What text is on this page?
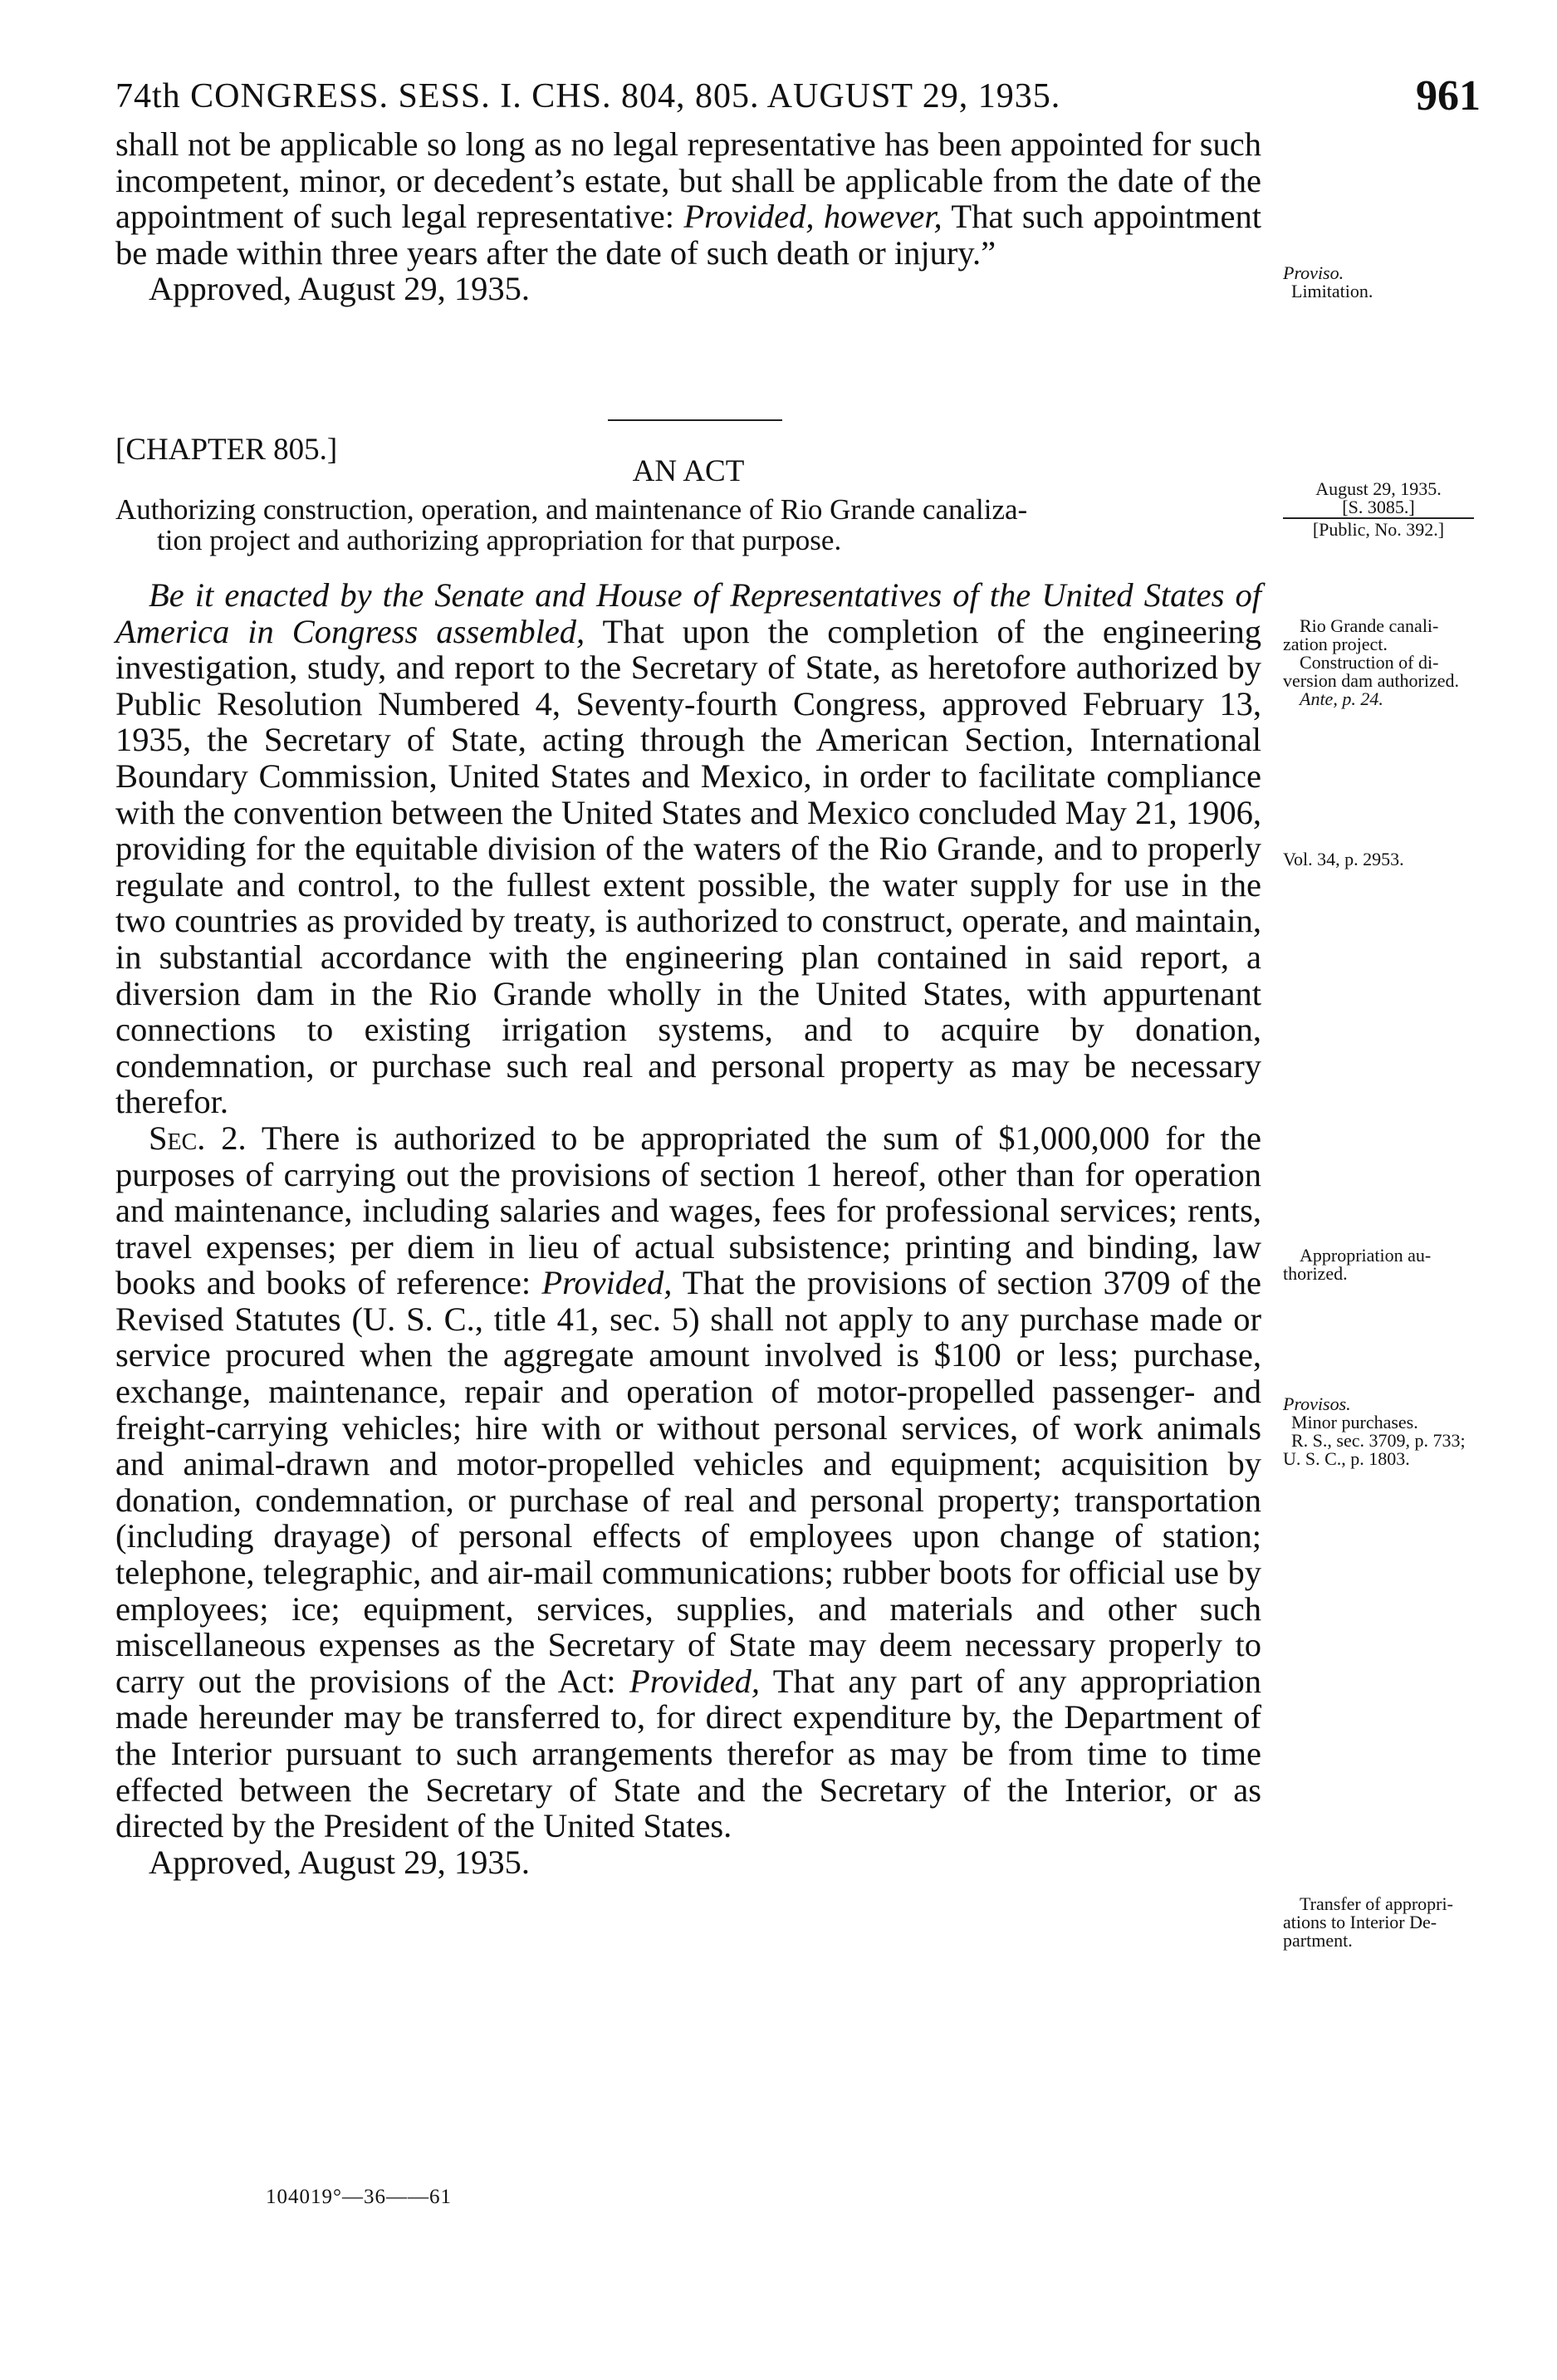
74th CONGRESS. SESS. I. CHS. 804, 805. AUGUST 29, 1935.	961

shall not be applicable so long as no legal representative has been appointed for such incompetent, minor, or decedent’s estate, but shall be applicable from the date of the appointment of such legal representative: Provided, however, That such appointment be made within three years after the date of such death or injury.”

Approved, August 29, 1935.

[CHAPTER 805.]

AN ACT

Authorizing construction, operation, and maintenance of Rio Grande canaliza-

tion project and authorizing appropriation for that purpose.

Be it enacted by the Senate and House of Representatives of the United States of America in Congress assembled, That upon the completion of the engineering investigation, study, and report to the Secretary of State, as heretofore authorized by Public Resolution Numbered 4, Seventy-fourth Congress, approved February 13, 1935, the Secretary of State, acting through the American Section, International Boundary Commission, United States and Mexico, in order to facilitate compliance with the convention between the United States and Mexico concluded May 21, 1906, providing for the equitable division of the waters of the Rio Grande, and to properly regulate and control, to the fullest extent possible, the water supply for use in the two countries as provided by treaty, is authorized to construct, operate, and maintain, in substantial accordance with the engineering plan contained in said report, a diversion dam in the Rio Grande wholly in the United States, with appurtenant connections to existing irrigation systems, and to acquire by donation, condemnation, or purchase such real and personal property as may be necessary therefor.

Sec. 2. There is authorized to be appropriated the sum of $1,000,000 for the purposes of carrying out the provisions of section 1 hereof, other than for operation and maintenance, including salaries and wages, fees for professional services; rents, travel expenses; per diem in lieu of actual subsistence; printing and binding, law books and books of reference: Provided, That the provisions of section 3709 of the Revised Statutes (U. S. C., title 41, sec. 5) shall not apply to any purchase made or service procured when the aggregate amount involved is $100 or less; purchase, exchange, maintenance, repair and operation of motor-propelled passenger- and freight-carrying vehicles; hire with or without personal services, of work animals and animal-drawn and motor-propelled vehicles and equipment; acquisition by donation, condemnation, or purchase of real and personal property; transportation (including drayage) of personal effects of employees upon change of station; telephone, telegraphic, and air-mail communications; rubber boots for official use by employees; ice; equipment, services, supplies, and materials and other such miscellaneous expenses as the Secretary of State may deem necessary properly to carry out the provisions of the Act: Provided, That any part of any appropriation made hereunder may be transferred to, for direct expenditure by, the Department of the Interior pursuant to such arrangements therefor as may be from time to time effected between the Secretary of State and the Secretary of the Interior, or as directed by the President of the United States.

Approved, August 29, 1935.

Proviso.
Limitation.
August 29, 1935.
[S. 3085.]
[Public, No. 392.]
Rio Grande canali-
zation project.
Construction of di-
version dam authorized.
Ante, p. 24.
Vol. 34, p. 2953.
Appropriation au-
thorized.
Provisos.
Minor purchases.
R. S., sec. 3709, p. 733;
U. S. C., p. 1803.
Transfer of appropri-
ations to Interior De-
partment.
104019°—36——61
